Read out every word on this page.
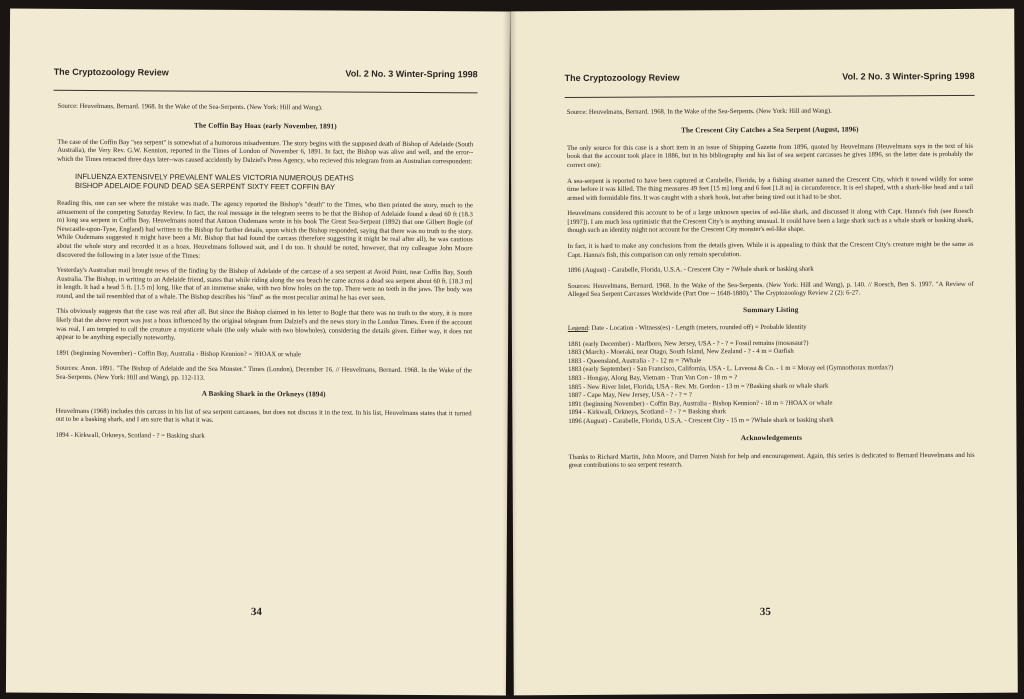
The Cryptozoology Review	Vol. 2 No. 3 Winter-Spring 1998

Source: Heuvelmans, Bernard. 1968. In the Wake of the Sea-Serpents. (New York: Hill and Wang).

The Coffin Bay Hoax (early November, 1891)

The case of the Coffin Bay "sea serpent" is somewhat of a humorous misadventure. The story begins with the supposed death of Bishop of Adelaide (South Australia), the Very Rev. G.W. Kennion, reported in the Times of London of November 6, 1891. In fact, the Bishop was alive and well, and the error--which the Times retracted three days later--was caused accidently by Dalziel's Press Agency, who recieved this telegram from an Australian correspondent:

INFLUENZA EXTENSIVELY PREVALENT WALES VICTORIA NUMEROUS DEATHS
BISHOP ADELAIDE FOUND DEAD SEA SERPENT SIXTY FEET COFFIN BAY

Reading this, one can see where the mistake was made. The agency reported the Bishop's "death" to the Times, who then printed the story, much to the amusement of the competing Saturday Review. In fact, the real message in the telegram seems to be that the Bishop of Adelaide found a dead 60 ft (18.3 m) long sea serpent in Coffin Bay. Heuvelmans noted that Antoon Oudemans wrote in his book The Great Sea-Serpent (1892) that one Gilbert Bogle (of Newcastle-upon-Tyne, England) had written to the Bishop for further details, upon which the Bishop responded, saying that there was no truth to the story. While Oudemans suggested it might have been a Mr. Bishop that had found the carcass (therefore suggesting it might be real after all), he was cautious about the whole story and recorded it as a hoax. Heuvelmans followed suit, and I do too. It should be noted, however, that my colleague John Moore discovered the following in a later issue of the Times:

Yesterday's Australian mail brought news of the finding by the Bishop of Adelaide of the carcase of a sea serpent at Avoid Point, near Coffin Bay, South Australia. The Bishop, in writing to an Adelaide friend, states that while riding along the sea beach he came across a dead sea serpent about 60 ft. [18.3 m] in length. It had a head 5 ft. [1.5 m] long, like that of an immense snake, with two blow holes on the top. There were no teeth in the jaws. The body was round, and the tail resembled that of a whale. The Bishop describes his "find" as the most peculiar animal he has ever seen.

This obviously suggests that the case was real after all. But since the Bishop claimed in his letter to Bogle that there was no truth to the story, it is more likely that the above report was just a hoax influenced by the original telegram from Dalziel's and the news story in the London Times. Even if the account was real, I am tempted to call the creature a mysticete whale (the only whale with two blowholes), considering the details given. Either way, it does not appear to be anything especially noteworthy.

1891 (beginning November) - Coffin Bay, Australia - Bishop Kennion? = ?HOAX or whale

Sources: Anon. 1891. "The Bishop of Adelaide and the Sea Monster." Times (London), December 16. // Heuvelmans, Bernard. 1968. In the Wake of the Sea-Serpents. (New York: Hill and Wang), pp. 112-113.

A Basking Shark in the Orkneys (1894)

Heuvelmans (1968) includes this carcass in his list of sea serpent carcasses, but does not discuss it in the text. In his list, Heuvelmans states that it turned out to be a basking shark, and I am sure that is what it was.

1894 - Kirkwall, Orkneys, Scotland - ? = Basking shark

34
The Cryptozoology Review	Vol. 2 No. 3 Winter-Spring 1998

Source: Heuvelmans, Bernard. 1968. In the Wake of the Sea-Serpents. (New York: Hill and Wang).

The Crescent City Catches a Sea Serpent (August, 1896)

The only source for this case is a short item in an issue of Shipping Gazette from 1896, quoted by Heuvelmans (Heuvelmans says in the text of his book that the account took place in 1886, but in his bibliography and his list of sea serpent carcasses he gives 1896, so the latter date is probably the correct one):

A sea-serpent is reported to have been captured at Carabelle, Florida, by a fishing steamer named the Crescent City, which it towed wildly for some time before it was killed. The thing measures 49 feet [15 m] long and 6 feet [1.8 m] in circumference. It is eel shaped, with a shark-like head and a tail armed with formidable fins. It was caught with a shark hook, but after being tired out it had to be shot.

Heuvelmans considered this account to be of a large unknown species of eel-like shark, and discussed it along with Capt. Hanna's fish (see Roesch [1997]). I am much less optimistic that the Crescent City's is anything unusual. It could have been a large shark such as a whale shark or basking shark, though such an identity might not account for the Crescent City monster's eel-like shape.

In fact, it is hard to make any conclusions from the details given. While it is appealing to think that the Crescent City's creature might be the same as Capt. Hanna's fish, this comparison can only remain speculation.

1896 (August) - Carabelle, Florida, U.S.A. - Crescent City = ?Whale shark or basking shark

Sources: Heuvelmans, Bernard. 1968. In the Wake of the Sea-Serpents. (New York: Hill and Wang), p. 140. // Roesch, Ben S. 1997. "A Review of Alleged Sea Serpent Carcasses Worldwide (Part One -- 1648-1880)." The Cryptozoology Review 2 (2): 6-27.

Summary Listing

Legend: Date - Location - Witness(es) - Length (meters, rounded off) = Probable Identity

1881 (early December) - Marlboro, New Jersey, USA - ? - ? = Fossil remains (mosasaur?)
1883 (March) - Moeraki, near Otago, South Island, New Zealand - ? - 4 m = Oarfish
1883 - Queensland, Australia - ? - 12 m = ?Whale
1883 (early September) - San Francisco, California, USA - L. Laveosa & Co. - 1 m = Moray eel (Gymnothorax mordax?)
1883 - Hongay, Along Bay, Vietnam - Tran Van Con - 18 m = ?
1885 - New River Inlet, Florida, USA - Rev. Mr. Gordon - 13 m = ?Basking shark or whale shark
1887 - Cape May, New Jersey, USA - ? - ? = ?
1891 (beginning November) - Coffin Bay, Australia - Bishop Kennion? - 18 m = ?HOAX or whale
1894 - Kirkwall, Orkneys, Scotland - ? - ? = Basking shark
1896 (August) - Carabelle, Florida, U.S.A. - Crescent City - 15 m = ?Whale shark or basking shark
Acknowledgements

Thanks to Richard Martin, John Moore, and Darren Naish for help and encouragement. Again, this series is dedicated to Bernard Heuvelmans and his great contributions to sea serpent research.

35
